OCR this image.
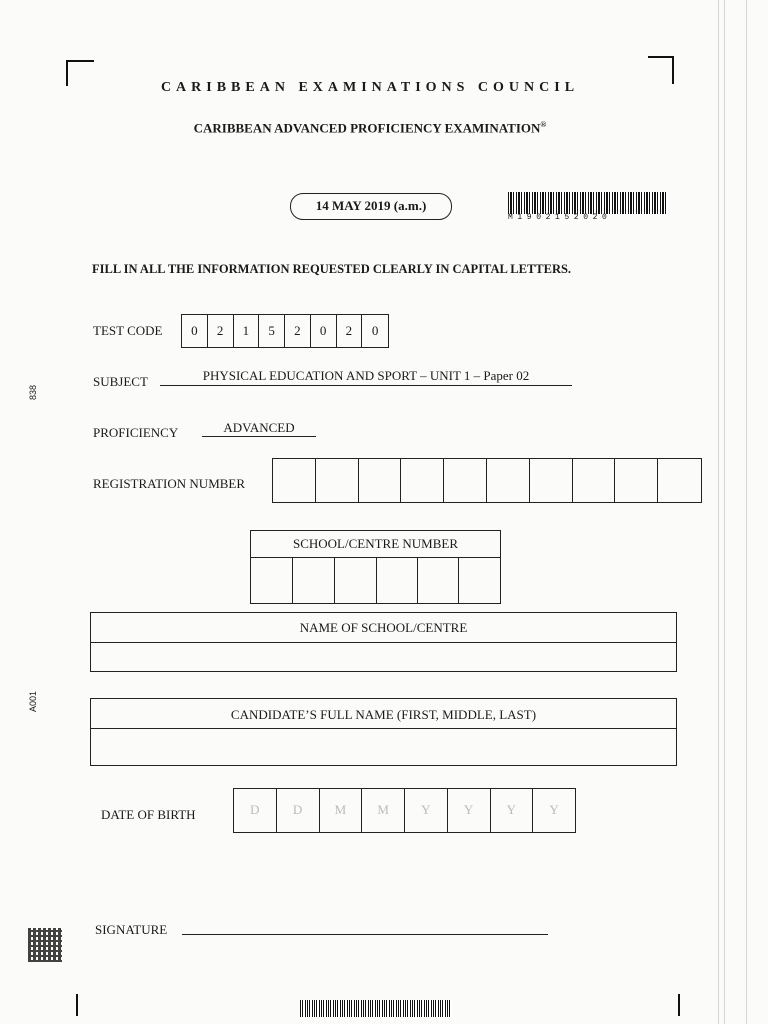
CARIBBEAN EXAMINATIONS COUNCIL
CARIBBEAN ADVANCED PROFICIENCY EXAMINATION®
14 MAY 2019 (a.m.)
M1902152020
FILL IN ALL THE INFORMATION REQUESTED CLEARLY IN CAPITAL LETTERS.
TEST CODE	0	2	1	5	2	0	2	0
SUBJECT	PHYSICAL EDUCATION AND SPORT – UNIT 1 – Paper 02
PROFICIENCY	ADVANCED
REGISTRATION NUMBER
SCHOOL/CENTRE NUMBER
NAME OF SCHOOL/CENTRE
CANDIDATE’S FULL NAME (FIRST, MIDDLE, LAST)
DATE OF BIRTH	D	D	M	M	Y	Y	Y	Y
SIGNATURE
838
A001
